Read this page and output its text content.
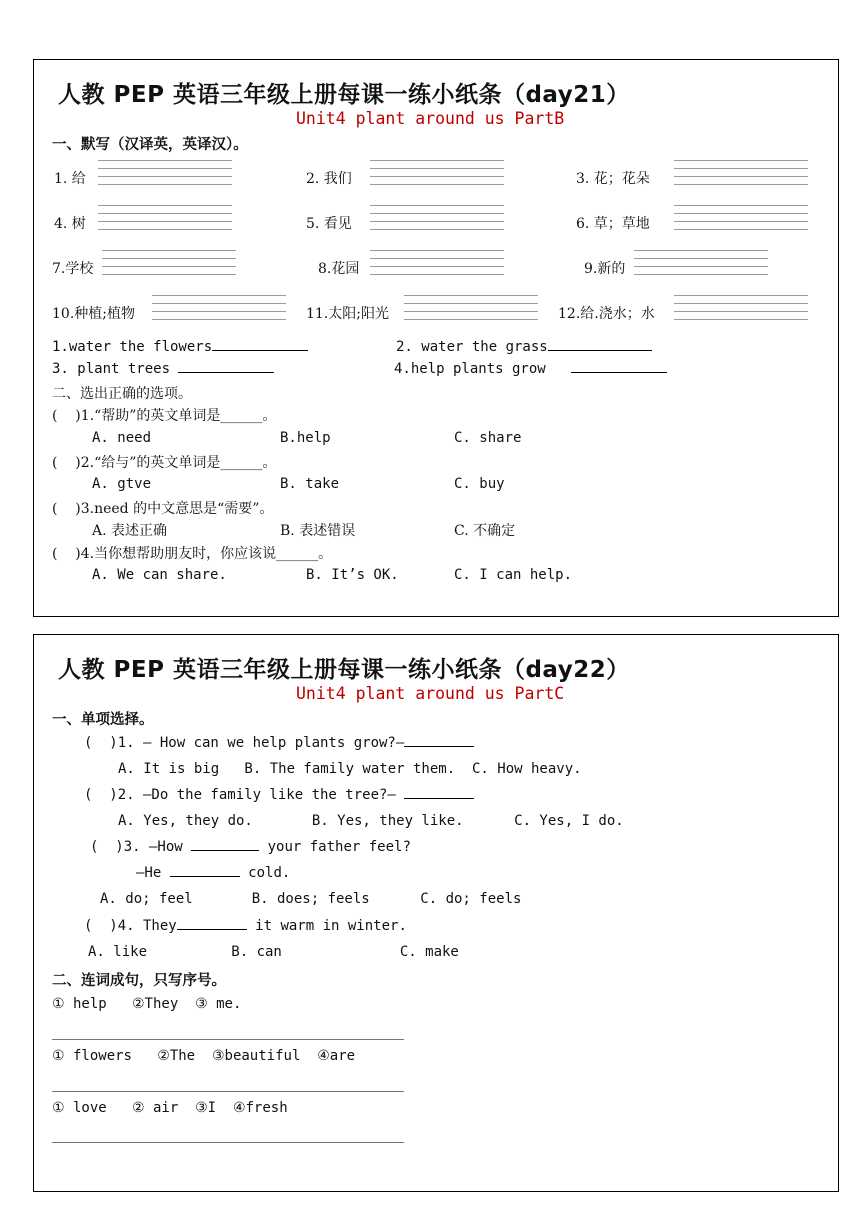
人教 PEP 英语三年级上册每课一练小纸条（day21）
Unit4 plant around us PartB
一、默写（汉译英，英译汉）。
1. 给	2. 我们	3. 花；花朵
4. 树	5. 看见	6. 草；草地
7.学校	8.花园	9.新的
10.种植;植物	11.太阳;阳光	12.给.浇水；水
1.water the flowers	2. water the grass
3. plant trees	4.help plants grow
二、选出正确的选项。
(    )1.“帮助”的英文单词是______。
A. need	B.help	C. share
(    )2.“给与”的英文单词是______。
A. gtve	B. take	C. buy
(    )3.need 的中文意思是“需要”。
A. 表述正确	B. 表述错误	C. 不确定
(    )4.当你想帮助朋友时，你应该说______。
A. We can share.	B. It’s OK.	C. I can help.
人教 PEP 英语三年级上册每课一练小纸条（day22）
Unit4 plant around us PartC
一、单项选择。
(  )1. — How can we help plants grow?—
A. It is big   B. The family water them.  C. How heavy.
(  )2. —Do the family like the tree?—
A. Yes, they do.       B. Yes, they like.      C. Yes, I do.
(  )3. —How	your father feel?
—He	cold.
A. do; feel       B. does; feels      C. do; feels
(  )4. They	it warm in winter.
A. like          B. can              C. make
二、连词成句，只写序号。
① help   ②They  ③ me.
① flowers   ②The  ③beautiful  ④are
① love   ② air  ③I  ④fresh
